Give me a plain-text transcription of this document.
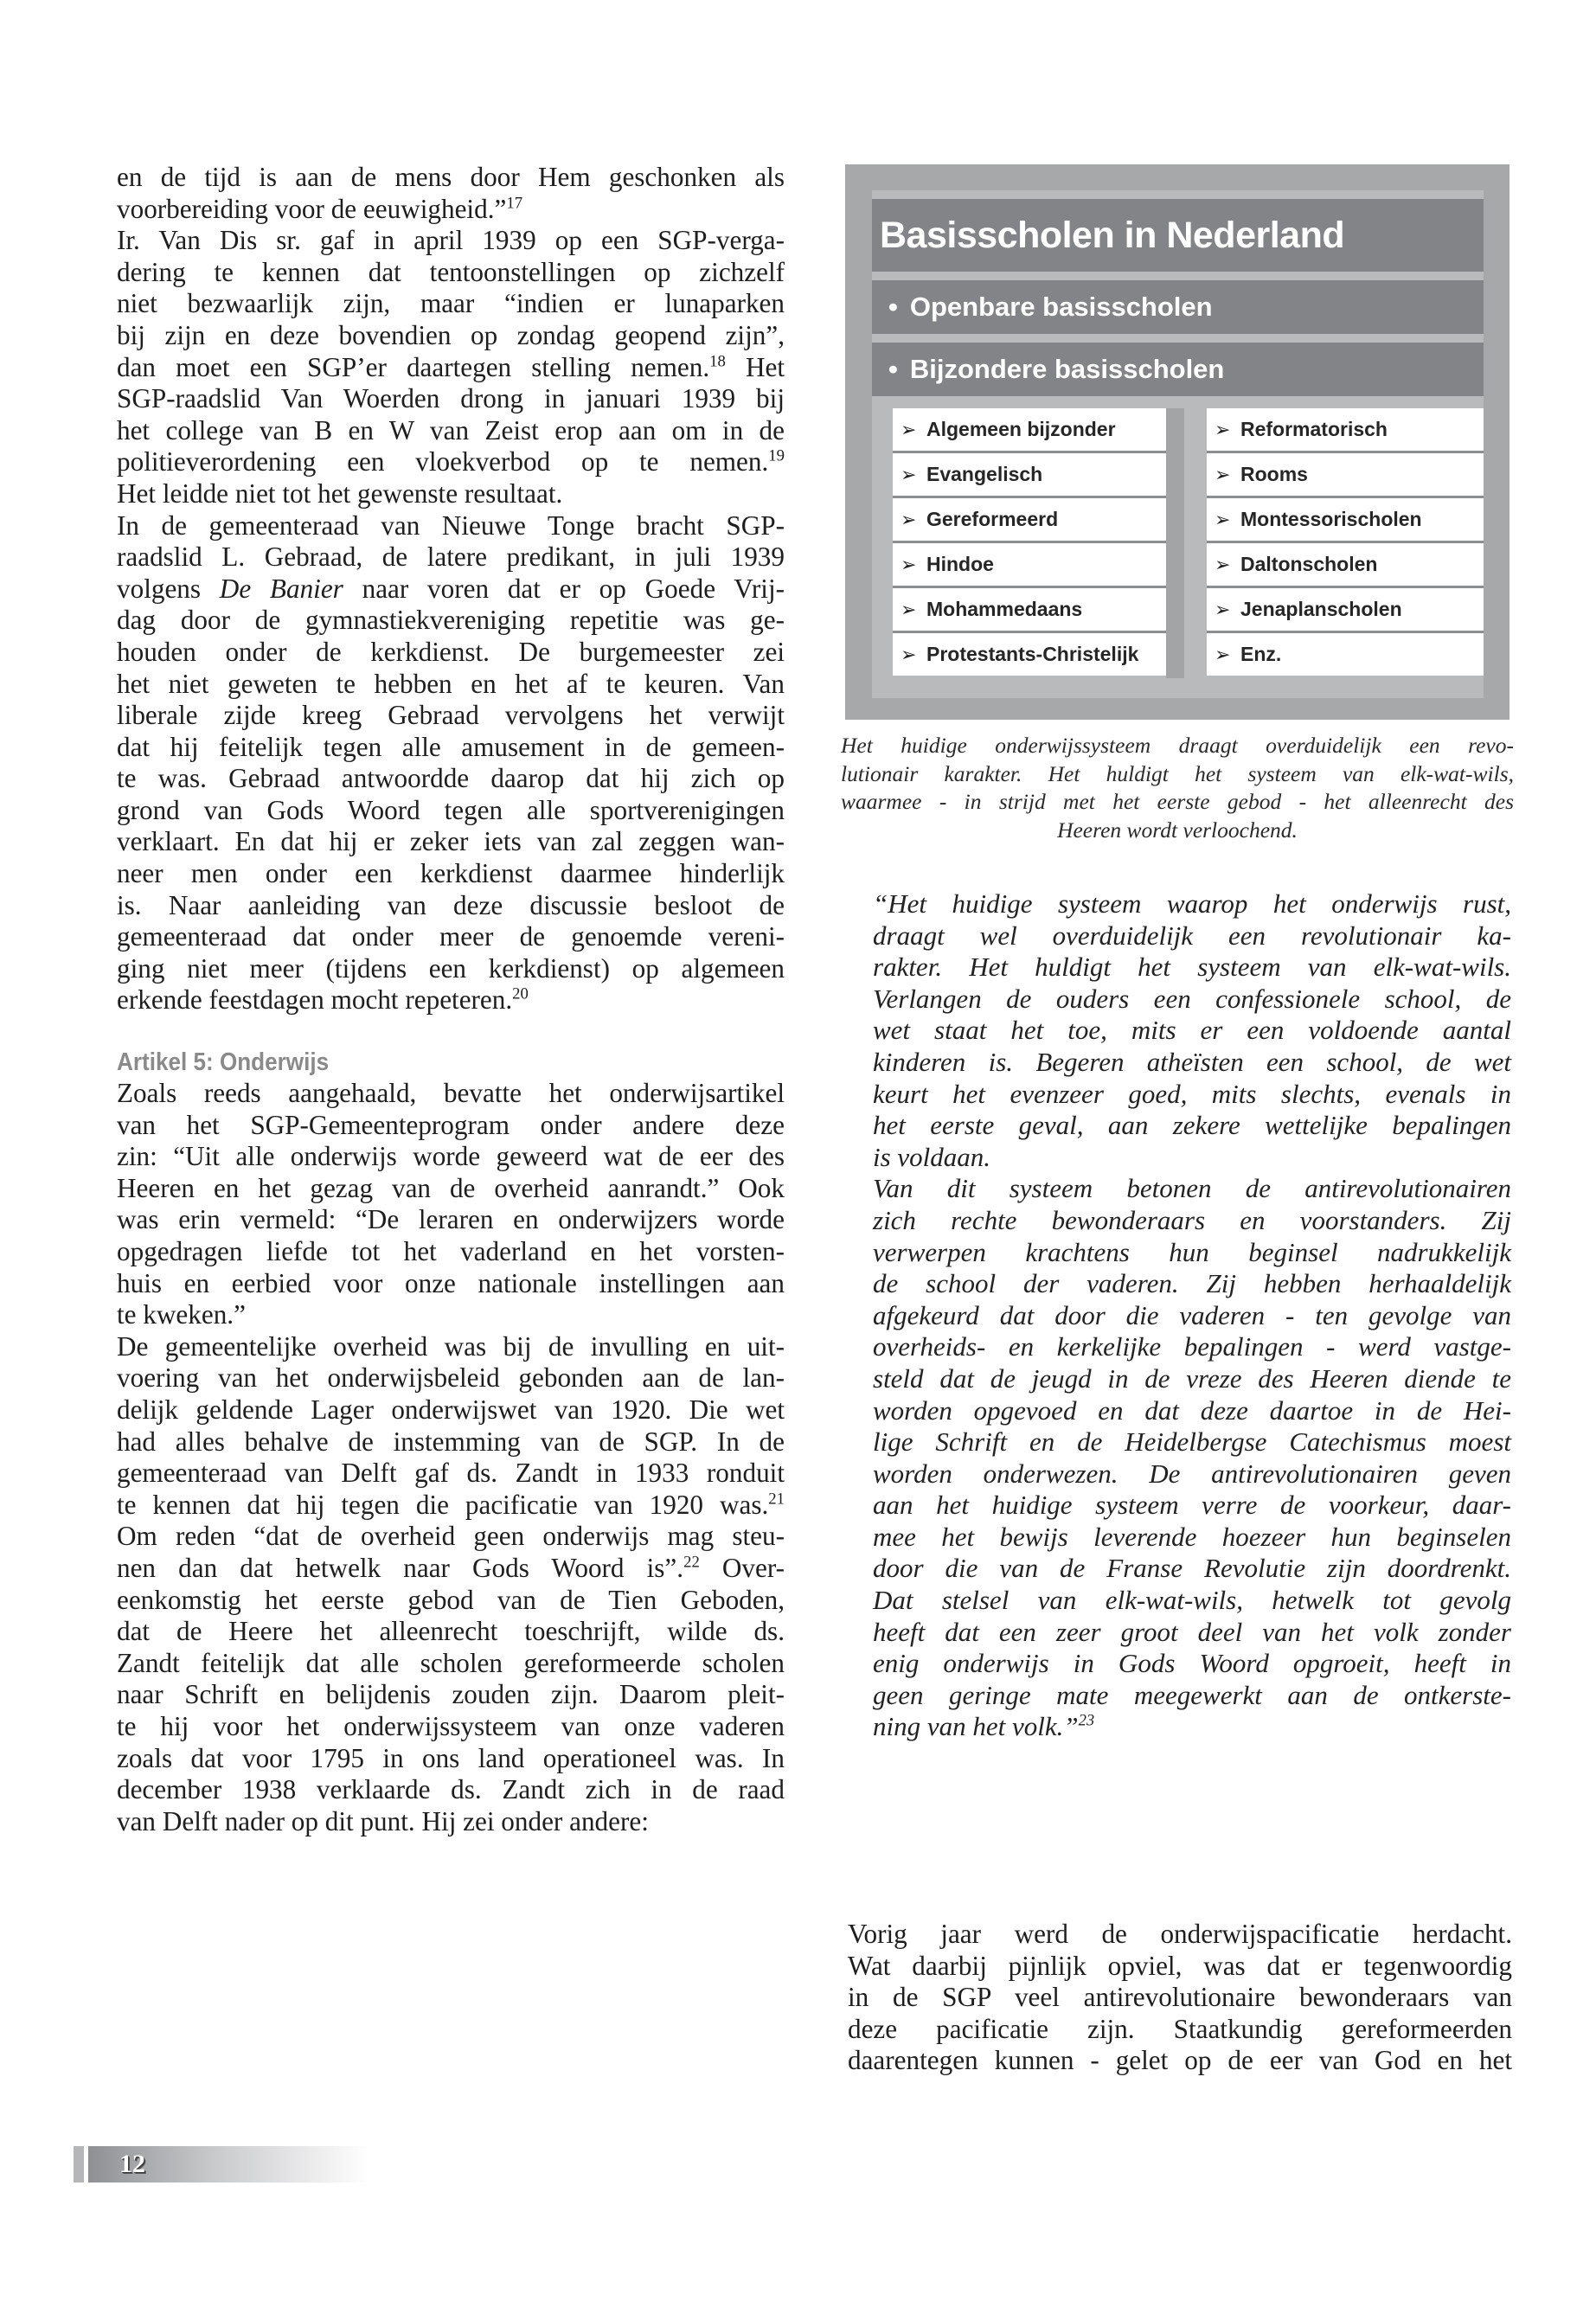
en de tijd is aan de mens door Hem geschonken als
voorbereiding voor de eeuwigheid.”$^{17}$
Ir. Van Dis sr. gaf in april 1939 op een SGP-verga-
dering te kennen dat tentoonstellingen op zichzelf
niet bezwaarlijk zijn, maar “indien er lunaparken
bij zijn en deze bovendien op zondag geopend zijn”,
dan moet een SGP’er daartegen stelling nemen.$^{18}$ Het
SGP-raadslid Van Woerden drong in januari 1939 bij
het college van B en W van Zeist erop aan om in de
politieverordening een vloekverbod op te nemen.$^{19}$
Het leidde niet tot het gewenste resultaat.
In de gemeenteraad van Nieuwe Tonge bracht SGP-
raadslid L. Gebraad, de latere predikant, in juli 1939
volgens De Banier naar voren dat er op Goede Vrij-
dag door de gymnastiekvereniging repetitie was ge-
houden onder de kerkdienst. De burgemeester zei
het niet geweten te hebben en het af te keuren. Van
liberale zijde kreeg Gebraad vervolgens het verwijt
dat hij feitelijk tegen alle amusement in de gemeen-
te was. Gebraad antwoordde daarop dat hij zich op
grond van Gods Woord tegen alle sportverenigingen
verklaart. En dat hij er zeker iets van zal zeggen wan-
neer men onder een kerkdienst daarmee hinderlijk
is. Naar aanleiding van deze discussie besloot de
gemeenteraad dat onder meer de genoemde vereni-
ging niet meer (tijdens een kerkdienst) op algemeen
erkende feestdagen mocht repeteren.$^{20}$
Artikel 5: Onderwijs
Zoals reeds aangehaald, bevatte het onderwijsartikel
van het SGP-Gemeenteprogram onder andere deze
zin: “Uit alle onderwijs worde geweerd wat de eer des
Heeren en het gezag van de overheid aanrandt.” Ook
was erin vermeld: “De leraren en onderwijzers worde
opgedragen liefde tot het vaderland en het vorsten-
huis en eerbied voor onze nationale instellingen aan
te kweken.”
De gemeentelijke overheid was bij de invulling en uit-
voering van het onderwijsbeleid gebonden aan de lan-
delijk geldende Lager onderwijswet van 1920. Die wet
had alles behalve de instemming van de SGP. In de
gemeenteraad van Delft gaf ds. Zandt in 1933 ronduit
te kennen dat hij tegen die pacificatie van 1920 was.$^{21}$
Om reden “dat de overheid geen onderwijs mag steu-
nen dan dat hetwelk naar Gods Woord is”.$^{22}$ Over-
eenkomstig het eerste gebod van de Tien Geboden,
dat de Heere het alleenrecht toeschrijft, wilde ds.
Zandt feitelijk dat alle scholen gereformeerde scholen
naar Schrift en belijdenis zouden zijn. Daarom pleit-
te hij voor het onderwijssysteem van onze vaderen
zoals dat voor 1795 in ons land operationeel was. In
december 1938 verklaarde ds. Zandt zich in de raad
van Delft nader op dit punt. Hij zei onder andere:
Basisscholen in Nederland
• Openbare basisscholen
• Bijzondere basisscholen
➢ Algemeen bijzonder
➢ Evangelisch
➢ Gereformeerd
➢ Hindoe
➢ Mohammedaans
➢ Protestants-Christelijk
➢ Reformatorisch
➢ Rooms
➢ Montessorischolen
➢ Daltonscholen
➢ Jenaplanscholen
➢ Enz.
Het huidige onderwijssysteem draagt overduidelijk een revo-
lutionair karakter. Het huldigt het systeem van elk-wat-wils,
waarmee - in strijd met het eerste gebod - het alleenrecht des
Heeren wordt verloochend.
“Het huidige systeem waarop het onderwijs rust,
draagt wel overduidelijk een revolutionair ka-
rakter. Het huldigt het systeem van elk-wat-wils.
Verlangen de ouders een confessionele school, de
wet staat het toe, mits er een voldoende aantal
kinderen is. Begeren atheïsten een school, de wet
keurt het evenzeer goed, mits slechts, evenals in
het eerste geval, aan zekere wettelijke bepalingen
is voldaan.
Van dit systeem betonen de antirevolutionairen
zich rechte bewonderaars en voorstanders. Zij
verwerpen krachtens hun beginsel nadrukkelijk
de school der vaderen. Zij hebben herhaaldelijk
afgekeurd dat door die vaderen - ten gevolge van
overheids- en kerkelijke bepalingen - werd vastge-
steld dat de jeugd in de vreze des Heeren diende te
worden opgevoed en dat deze daartoe in de Hei-
lige Schrift en de Heidelbergse Catechismus moest
worden onderwezen. De antirevolutionairen geven
aan het huidige systeem verre de voorkeur, daar-
mee het bewijs leverende hoezeer hun beginselen
door die van de Franse Revolutie zijn doordrenkt.
Dat stelsel van elk-wat-wils, hetwelk tot gevolg
heeft dat een zeer groot deel van het volk zonder
enig onderwijs in Gods Woord opgroeit, heeft in
geen geringe mate meegewerkt aan de ontkerste-
ning van het volk.”$^{23}$
Vorig jaar werd de onderwijspacificatie herdacht.
Wat daarbij pijnlijk opviel, was dat er tegenwoordig
in de SGP veel antirevolutionaire bewonderaars van
deze pacificatie zijn. Staatkundig gereformeerden
daarentegen kunnen - gelet op de eer van God en het
12
